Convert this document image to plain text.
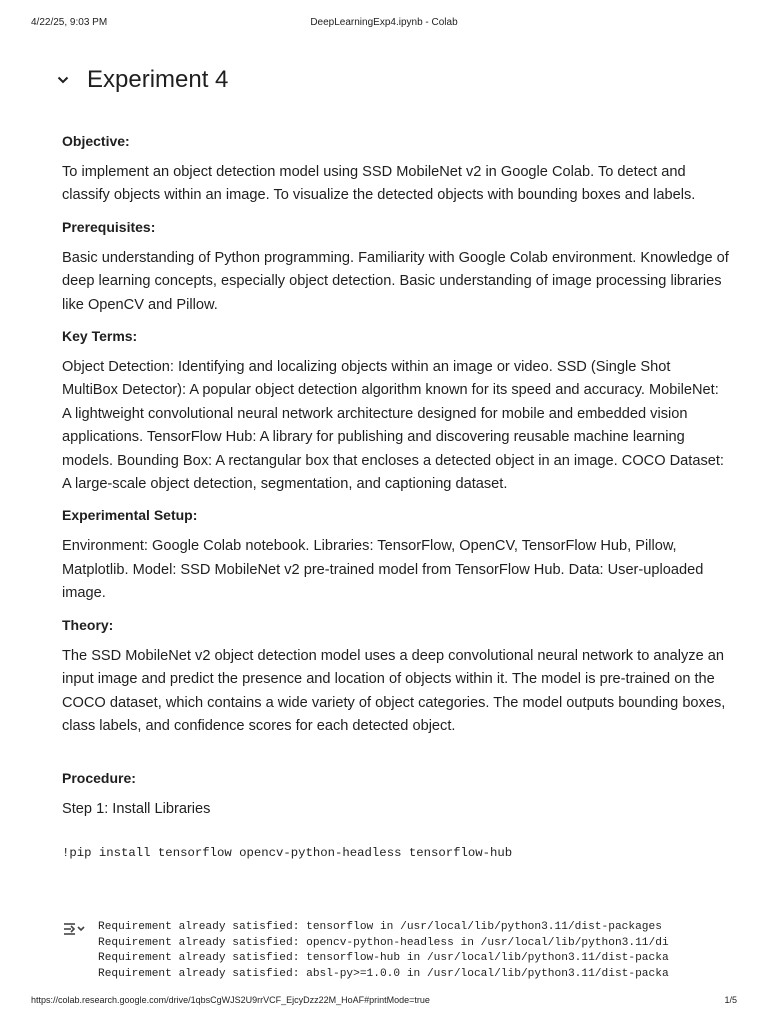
4/22/25, 9:03 PM	DeepLearningExp4.ipynb - Colab
Experiment 4
Objective:
To implement an object detection model using SSD MobileNet v2 in Google Colab. To detect and classify objects within an image. To visualize the detected objects with bounding boxes and labels.
Prerequisites:
Basic understanding of Python programming. Familiarity with Google Colab environment. Knowledge of deep learning concepts, especially object detection. Basic understanding of image processing libraries like OpenCV and Pillow.
Key Terms:
Object Detection: Identifying and localizing objects within an image or video. SSD (Single Shot MultiBox Detector): A popular object detection algorithm known for its speed and accuracy. MobileNet: A lightweight convolutional neural network architecture designed for mobile and embedded vision applications. TensorFlow Hub: A library for publishing and discovering reusable machine learning models. Bounding Box: A rectangular box that encloses a detected object in an image. COCO Dataset: A large-scale object detection, segmentation, and captioning dataset.
Experimental Setup:
Environment: Google Colab notebook. Libraries: TensorFlow, OpenCV, TensorFlow Hub, Pillow, Matplotlib. Model: SSD MobileNet v2 pre-trained model from TensorFlow Hub. Data: User-uploaded image.
Theory:
The SSD MobileNet v2 object detection model uses a deep convolutional neural network to analyze an input image and predict the presence and location of objects within it. The model is pre-trained on the COCO dataset, which contains a wide variety of object categories. The model outputs bounding boxes, class labels, and confidence scores for each detected object.
Procedure:
Step 1: Install Libraries
!pip install tensorflow opencv-python-headless tensorflow-hub
Requirement already satisfied: tensorflow in /usr/local/lib/python3.11/dist-packages
Requirement already satisfied: opencv-python-headless in /usr/local/lib/python3.11/di
Requirement already satisfied: tensorflow-hub in /usr/local/lib/python3.11/dist-packa
Requirement already satisfied: absl-py>=1.0.0 in /usr/local/lib/python3.11/dist-packa
https://colab.research.google.com/drive/1qbsCgWJS2U9rrVCF_EjcyDzz22M_HoAF#printMode=true	1/5
